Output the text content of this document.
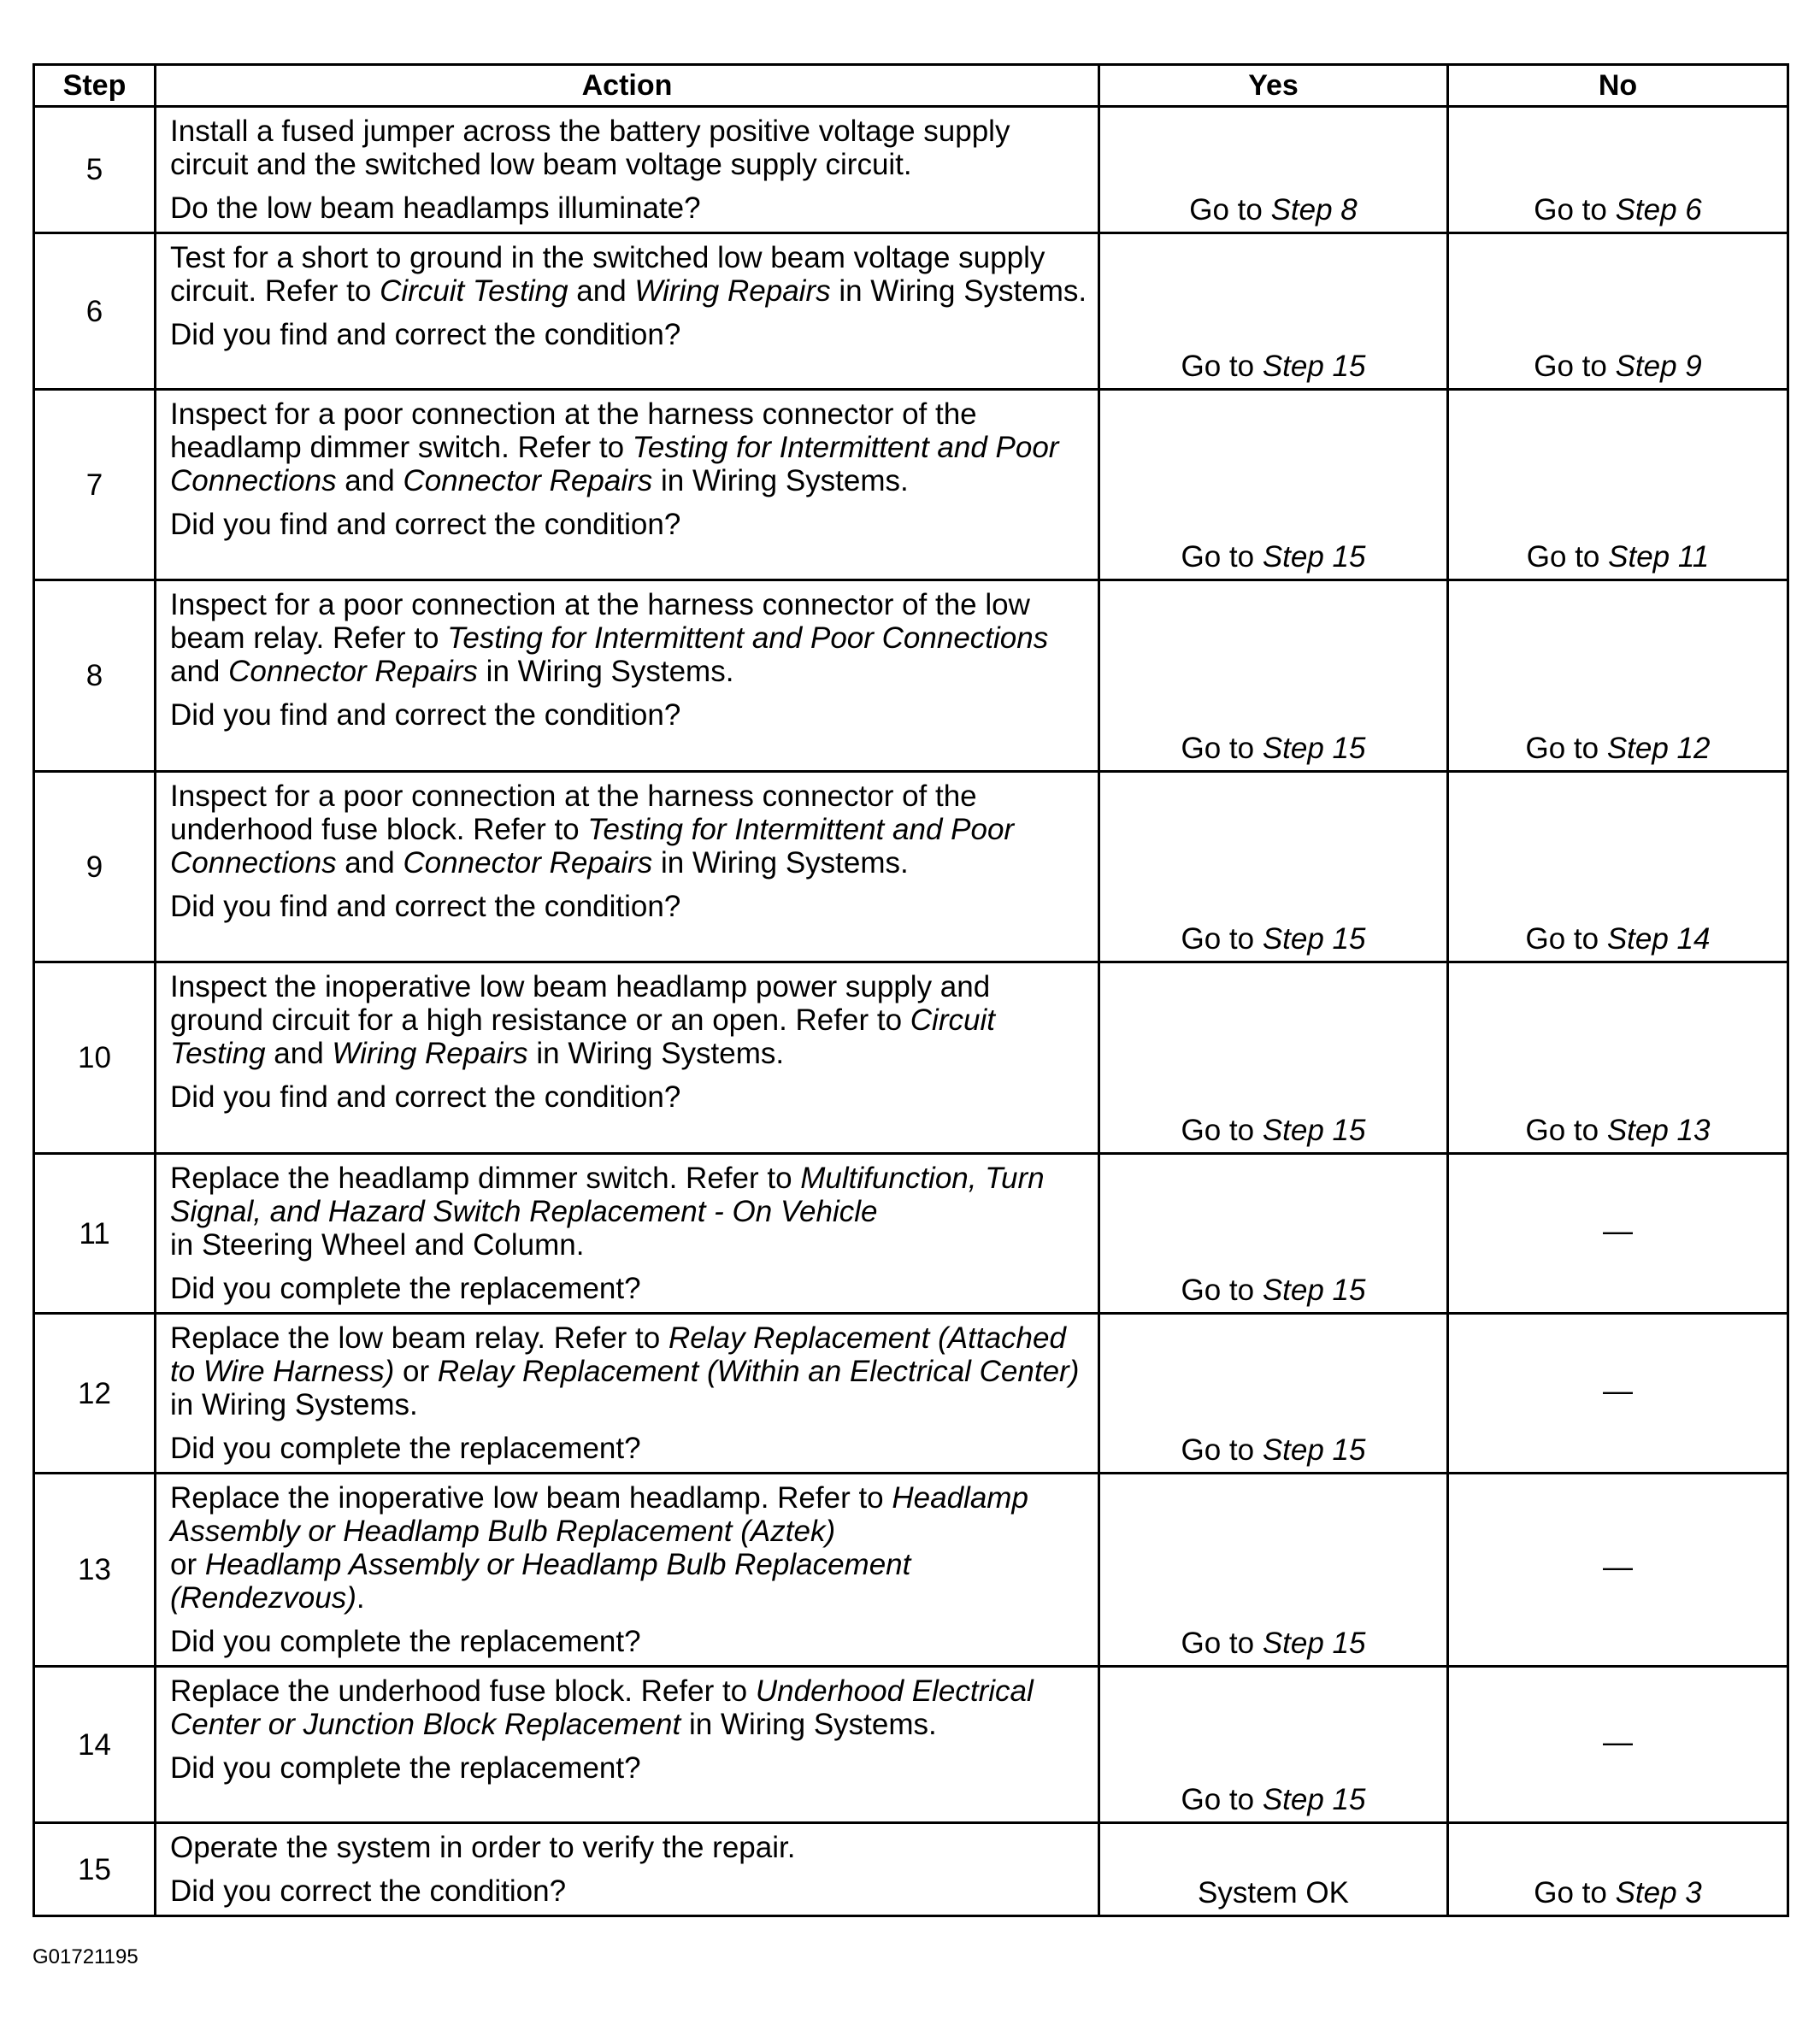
Step	Action	Yes	No
5	Install a fused jumper across the battery positive voltage supply circuit and the switched low beam voltage supply circuit.

Do the low beam headlamps illuminate?	Go to Step 8	Go to Step 6
6	Test for a short to ground in the switched low beam voltage supply circuit. Refer to Circuit Testing and Wiring Repairs in Wiring Systems.

Did you find and correct the condition?	Go to Step 15	Go to Step 9
7	Inspect for a poor connection at the harness connector of the headlamp dimmer switch. Refer to Testing for Intermittent and Poor Connections and Connector Repairs in Wiring Systems.

Did you find and correct the condition?	Go to Step 15	Go to Step 11
8	Inspect for a poor connection at the harness connector of the low beam relay. Refer to Testing for Intermittent and Poor Connections and Connector Repairs in Wiring Systems.

Did you find and correct the condition?	Go to Step 15	Go to Step 12
9	Inspect for a poor connection at the harness connector of the underhood fuse block. Refer to Testing for Intermittent and Poor Connections and Connector Repairs in Wiring Systems.

Did you find and correct the condition?	Go to Step 15	Go to Step 14
10	Inspect the inoperative low beam headlamp power supply and ground circuit for a high resistance or an open. Refer to Circuit Testing and Wiring Repairs in Wiring Systems.

Did you find and correct the condition?	Go to Step 15	Go to Step 13
11	Replace the headlamp dimmer switch. Refer to Multifunction, Turn Signal, and Hazard Switch Replacement - On Vehicle

in Steering Wheel and Column.

Did you complete the replacement?	Go to Step 15	—
12	Replace the low beam relay. Refer to Relay Replacement (Attached to Wire Harness) or Relay Replacement (Within an Electrical Center) in Wiring Systems.

Did you complete the replacement?	Go to Step 15	—
13	Replace the inoperative low beam headlamp. Refer to Headlamp Assembly or Headlamp Bulb Replacement (Aztek)

or Headlamp Assembly or Headlamp Bulb Replacement (Rendezvous).

Did you complete the replacement?	Go to Step 15	—
14	Replace the underhood fuse block. Refer to Underhood Electrical Center or Junction Block Replacement in Wiring Systems.

Did you complete the replacement?	Go to Step 15	—
15	Operate the system in order to verify the repair.

Did you correct the condition?	System OK	Go to Step 3
G01721195
